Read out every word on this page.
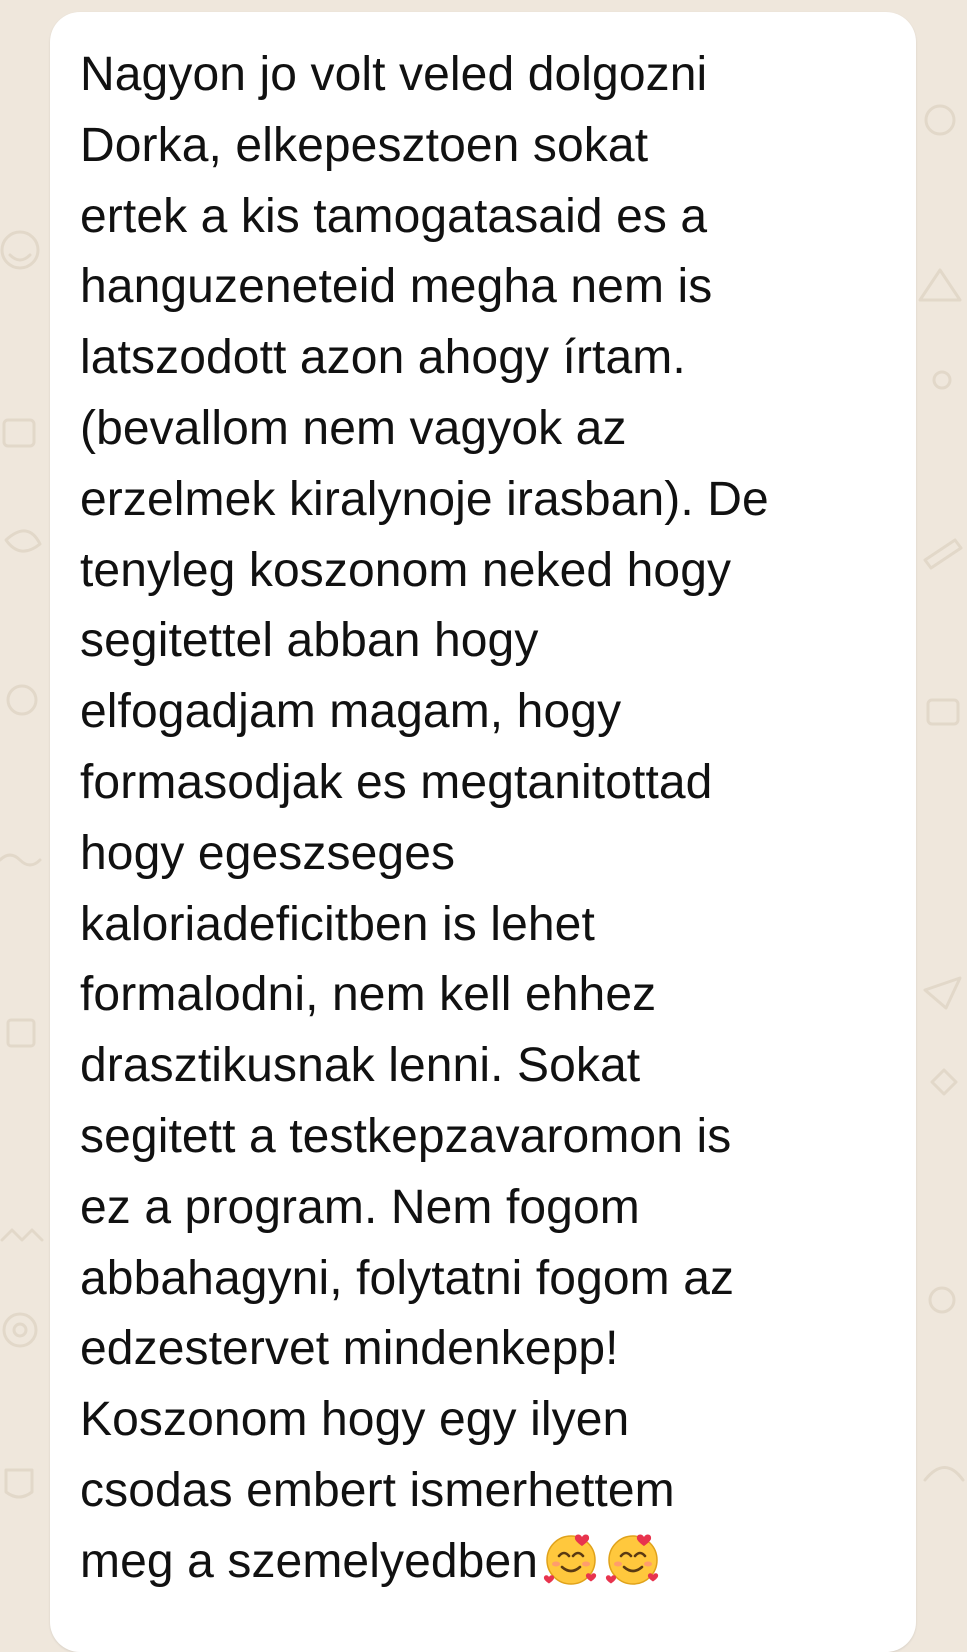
Nagyon jo volt veled dolgozni
Dorka, elkepesztoen sokat
ertek a kis tamogatasaid es a
hanguzeneteid megha nem is
latszodott azon ahogy írtam.
(bevallom nem vagyok az
erzelmek kiralynoje irasban). De
tenyleg koszonom neked hogy
segitettel abban hogy
elfogadjam magam, hogy
formasodjak es megtanitottad
hogy egeszseges
kaloriadeficitben is lehet
formalodni, nem kell ehhez
drasztikusnak lenni. Sokat
segitett a testkepzavaromon is
ez a program. Nem fogom
abbahagyni, folytatni fogom az
edzestervet mindenkepp!
Koszonom hogy egy ilyen
csodas embert ismerhettem
meg a szemelyedben
